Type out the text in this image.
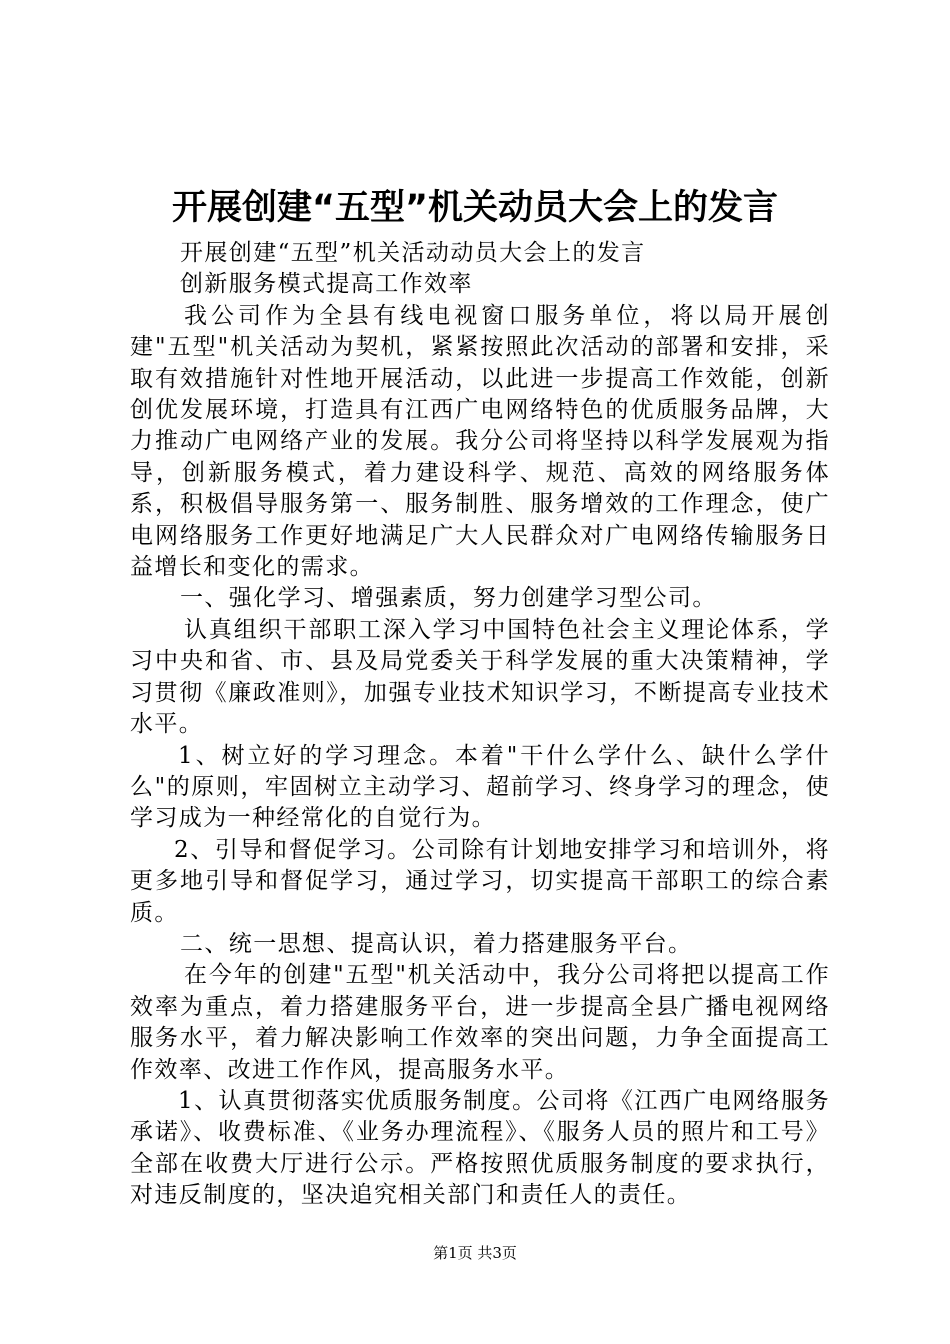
开展创建“五型”机关动员大会上的发言

开展创建“五型”机关活动动员大会上的发言

创新服务模式提高工作效率

我公司作为全县有线电视窗口服务单位，将以局开展创建"五型"机关活动为契机，紧紧按照此次活动的部署和安排，采取有效措施针对性地开展活动，以此进一步提高工作效能，创新创优发展环境，打造具有江西广电网络特色的优质服务品牌，大力推动广电网络产业的发展。我分公司将坚持以科学发展观为指导，创新服务模式，着力建设科学、规范、高效的网络服务体系，积极倡导服务第一、服务制胜、服务增效的工作理念，使广电网络服务工作更好地满足广大人民群众对广电网络传输服务日益增长和变化的需求。

一、强化学习、增强素质，努力创建学习型公司。

认真组织干部职工深入学习中国特色社会主义理论体系，学习中央和省、市、县及局党委关于科学发展的重大决策精神，学习贯彻《廉政准则》，加强专业技术知识学习，不断提高专业技术水平。

1、树立好的学习理念。本着"干什么学什么、缺什么学什么"的原则，牢固树立主动学习、超前学习、终身学习的理念，使学习成为一种经常化的自觉行为。

2、引导和督促学习。公司除有计划地安排学习和培训外，将更多地引导和督促学习，通过学习，切实提高干部职工的综合素质。

二、统一思想、提高认识，着力搭建服务平台。

在今年的创建"五型"机关活动中，我分公司将把以提高工作效率为重点，着力搭建服务平台，进一步提高全县广播电视网络服务水平，着力解决影响工作效率的突出问题，力争全面提高工作效率、改进工作作风，提高服务水平。

1、认真贯彻落实优质服务制度。公司将《江西广电网络服务承诺》、收费标准、《业务办理流程》、《服务人员的照片和工号》全部在收费大厅进行公示。严格按照优质服务制度的要求执行，对违反制度的，坚决追究相关部门和责任人的责任。

第1页 共3页
